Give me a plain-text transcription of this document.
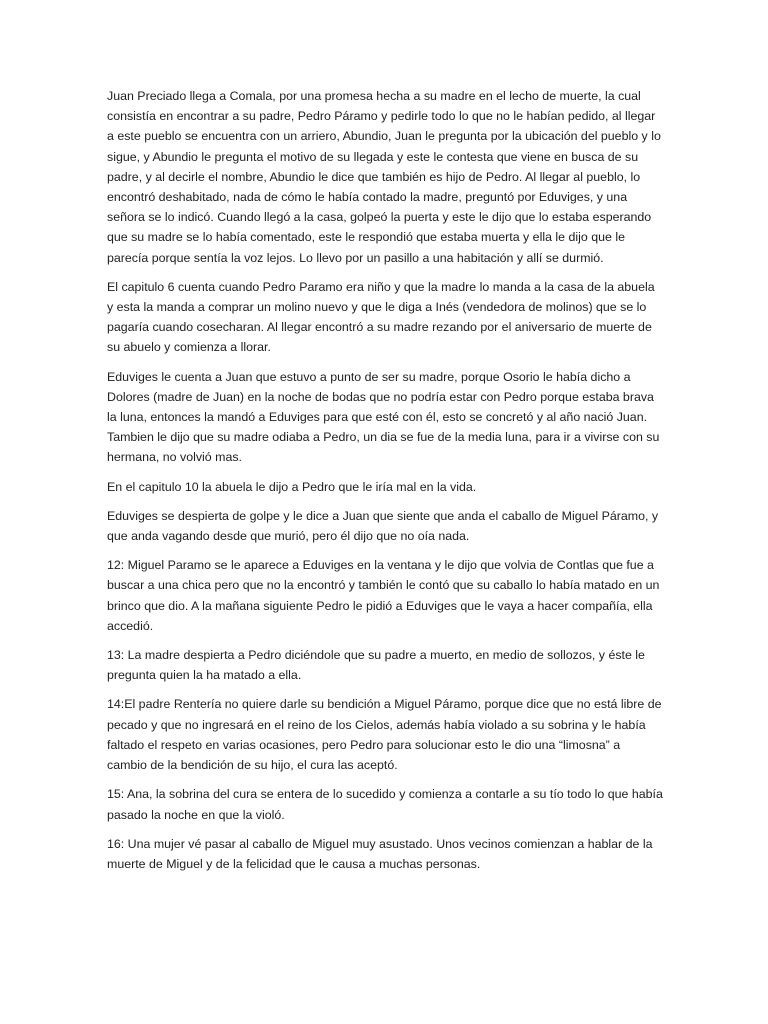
Juan Preciado llega a Comala, por una promesa hecha a su madre en el lecho de muerte, la cual consistía en encontrar a su padre, Pedro Páramo y pedirle todo lo que no le habían pedido, al llegar a este pueblo se encuentra con un arriero, Abundio, Juan le pregunta por la ubicación del pueblo y lo sigue, y Abundio le pregunta el motivo de su llegada y este le contesta que viene en busca de su padre, y al decirle el nombre, Abundio le dice que también es hijo de Pedro. Al llegar al pueblo, lo encontró deshabitado, nada de cómo le había contado la madre, preguntó por Eduviges, y una señora se lo indicó. Cuando llegó a la casa, golpeó la puerta y este le dijo que lo estaba esperando que su madre se lo había comentado, este le respondió que estaba muerta y ella le dijo que le parecía porque sentía la voz lejos. Lo llevo por un pasillo a una habitación y allí se durmió.

El capitulo 6 cuenta cuando Pedro Paramo era niño y que la madre lo manda a la casa de la abuela y esta la manda a comprar un molino nuevo y que le diga a Inés (vendedora de molinos) que se lo pagaría cuando cosecharan. Al llegar encontró a su madre rezando por el aniversario de muerte de su abuelo y comienza a llorar.

Eduviges le cuenta a Juan que estuvo a punto de ser su madre, porque Osorio le había dicho a Dolores (madre de Juan) en la noche de bodas que no podría estar con Pedro porque estaba brava la luna, entonces la mandó a Eduviges para que esté con él, esto se concretó y al año nació Juan. Tambien le dijo que su madre odiaba a Pedro, un dia se fue de la media luna, para ir a vivirse con su hermana, no volvió mas.

En el capitulo 10 la abuela le dijo a Pedro que le iría mal en la vida.

Eduviges se despierta de golpe y le dice a Juan que siente que anda el caballo de Miguel Páramo, y que anda vagando desde que murió, pero él dijo que no oía nada.

12: Miguel Paramo se le aparece a Eduviges en la ventana y le dijo que volvia de Contlas que fue a buscar a una chica pero que no la encontró y también le contó que su caballo lo había matado en un brinco que dio. A la mañana siguiente Pedro le pidió a Eduviges que le vaya a hacer compañía, ella accedió.

13: La madre despierta a Pedro diciéndole que su padre a muerto, en medio de sollozos, y éste le pregunta quien la ha matado a ella.

14:El padre Rentería no quiere darle su bendición a Miguel Páramo, porque dice que no está libre de pecado y que no ingresará en el reino de los Cielos, además había violado a su sobrina y le había faltado el respeto en varias ocasiones, pero Pedro para solucionar esto le dio una “limosna” a cambio de la bendición de su hijo, el cura las aceptó.

15: Ana, la sobrina del cura se entera de lo sucedido y comienza a contarle a su tío todo lo que había pasado la noche en que la violó.

16: Una mujer vé pasar al caballo de Miguel muy asustado. Unos vecinos comienzan a hablar de la muerte de Miguel y de la felicidad que le causa a muchas personas.
